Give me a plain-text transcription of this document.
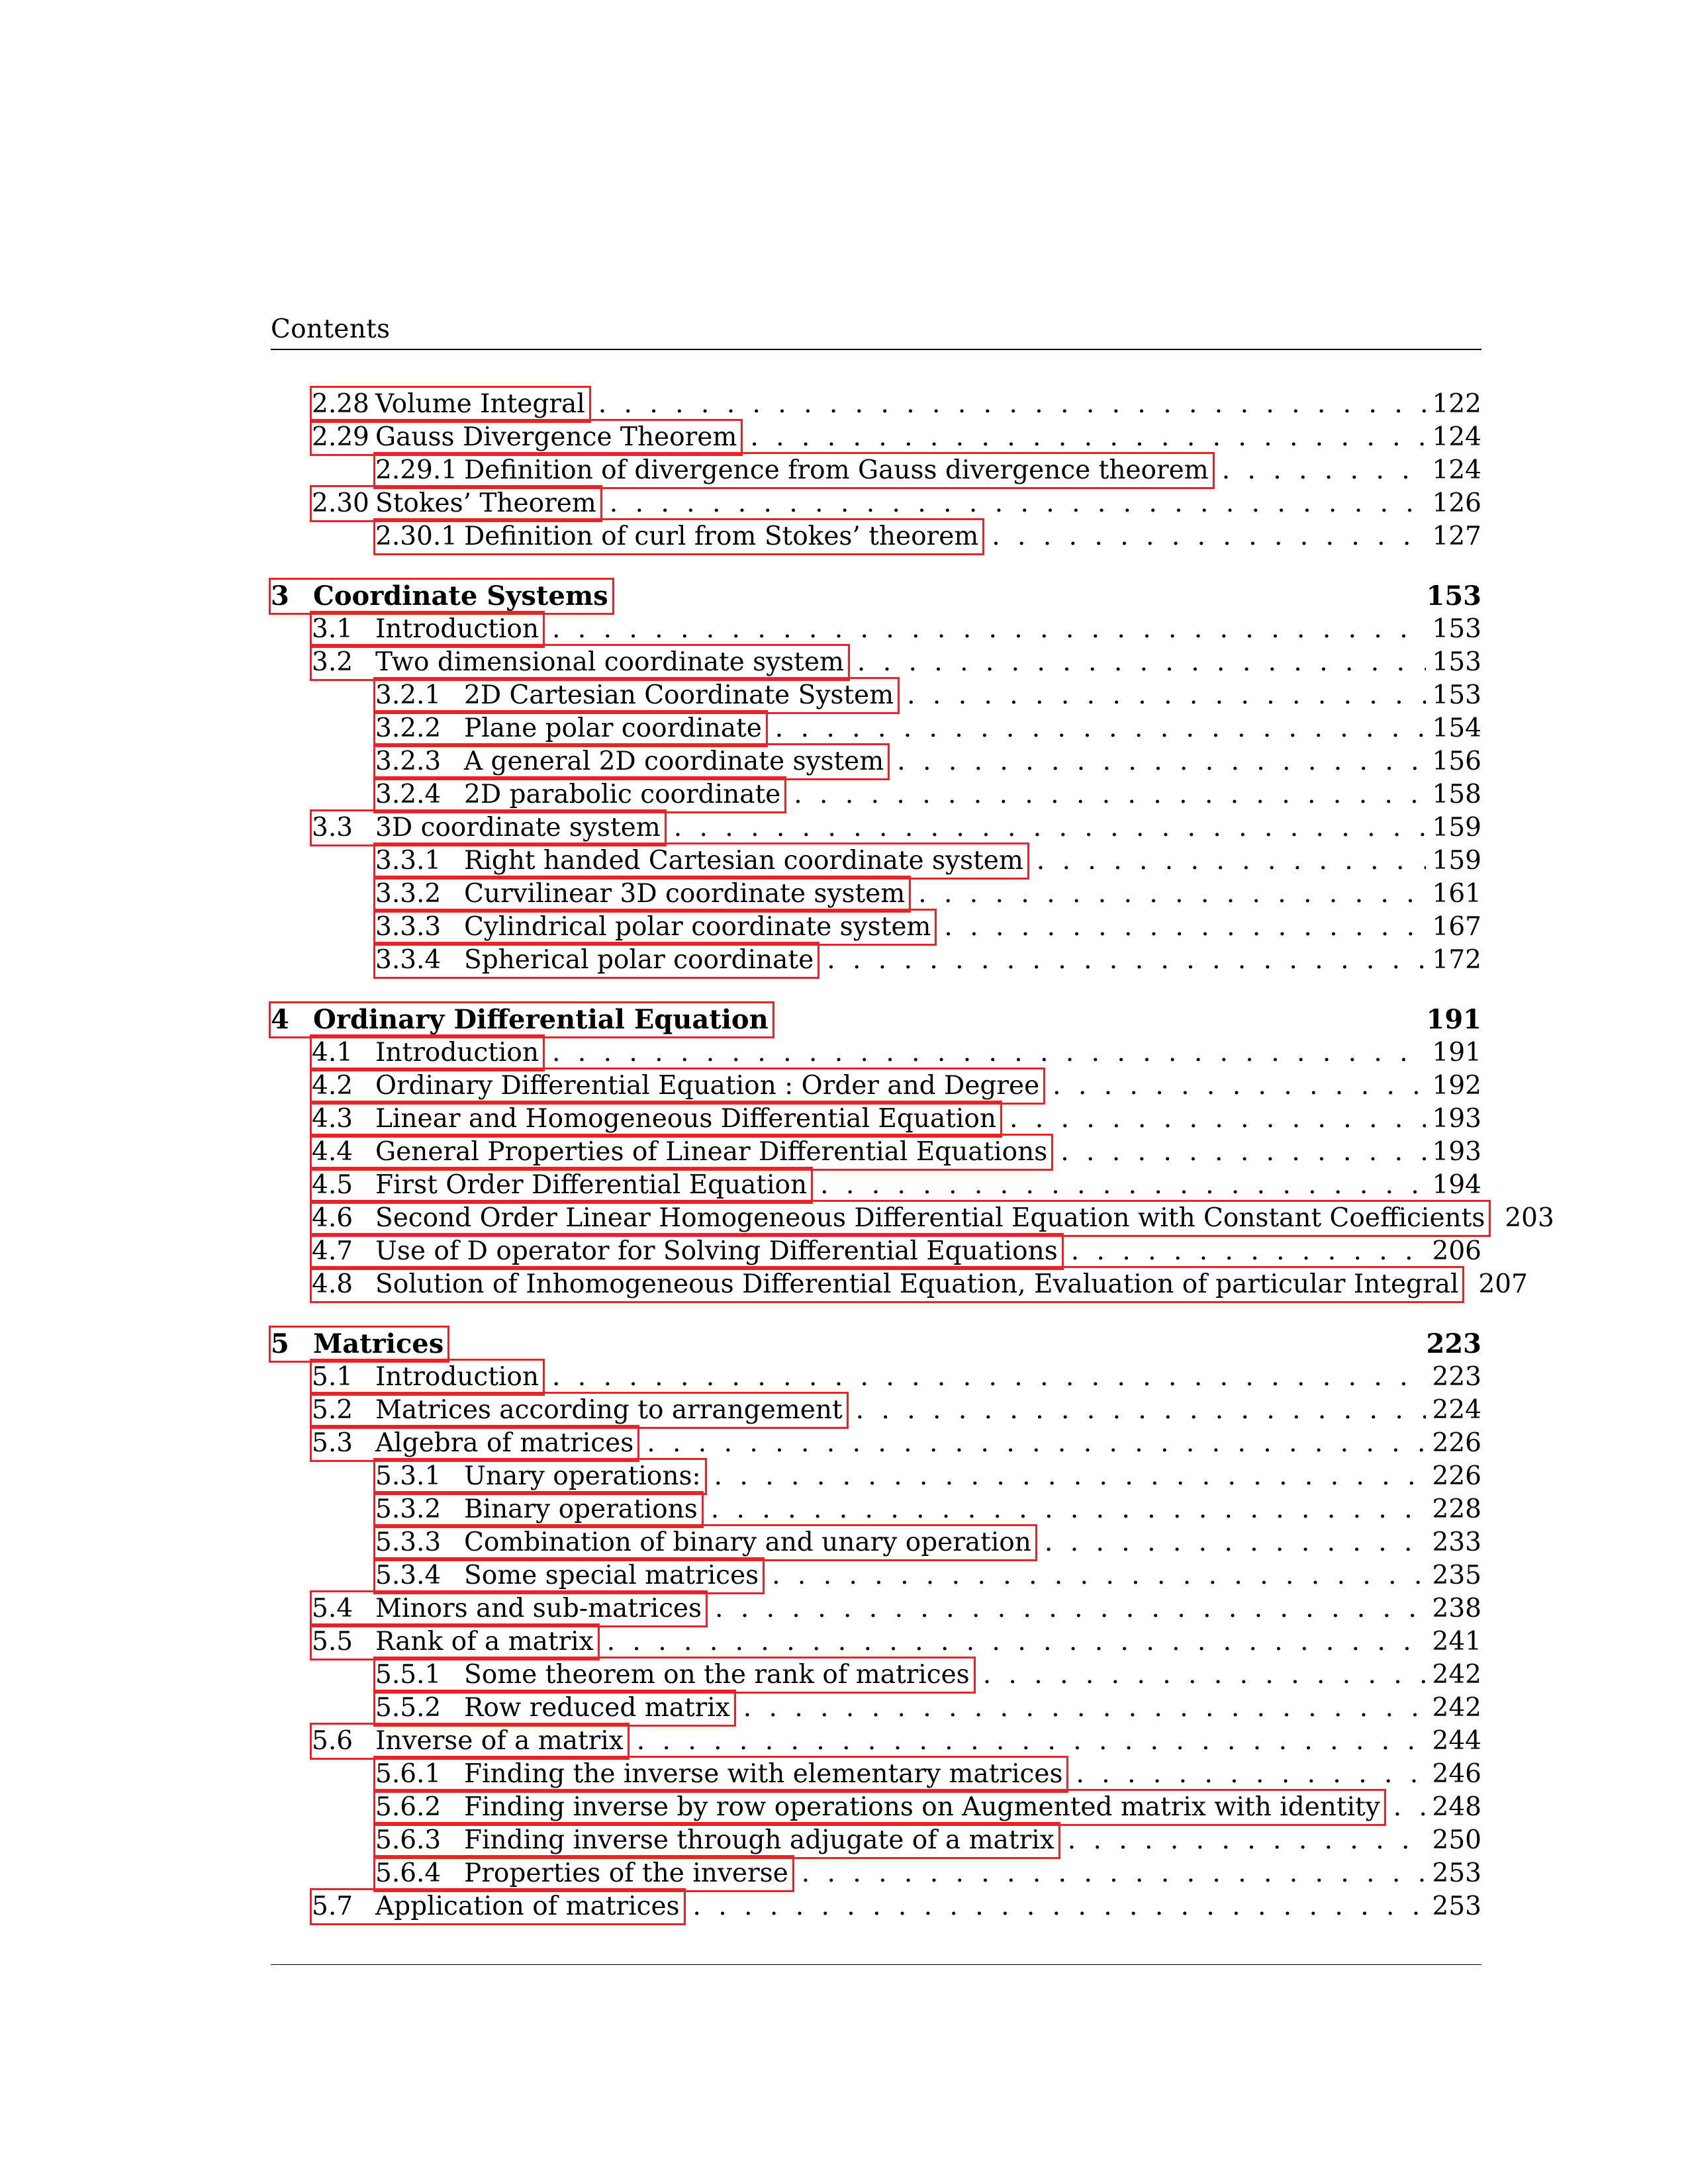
Contents
2.28 Volume Integral . . .	122
2.29 Gauss Divergence Theorem . . .	124
2.29.1 Definition of divergence from Gauss divergence theorem . . .	124
2.30 Stokes’ Theorem . . .	126
2.30.1 Definition of curl from Stokes’ theorem . . .	127
3 Coordinate Systems	153
3.1 Introduction . . .	153
3.2 Two dimensional coordinate system . . .	153
3.2.1 2D Cartesian Coordinate System . . .	153
3.2.2 Plane polar coordinate . . .	154
3.2.3 A general 2D coordinate system . . .	156
3.2.4 2D parabolic coordinate . . .	158
3.3 3D coordinate system . . .	159
3.3.1 Right handed Cartesian coordinate system . . .	159
3.3.2 Curvilinear 3D coordinate system . . .	161
3.3.3 Cylindrical polar coordinate system . . .	167
3.3.4 Spherical polar coordinate . . .	172
4 Ordinary Differential Equation	191
4.1 Introduction . . .	191
4.2 Ordinary Differential Equation : Order and Degree . . .	192
4.3 Linear and Homogeneous Differential Equation . . .	193
4.4 General Properties of Linear Differential Equations . . .	193
4.5 First Order Differential Equation . . .	194
4.6 Second Order Linear Homogeneous Differential Equation with Constant Coefficients 203
4.7 Use of D operator for Solving Differential Equations . . .	206
4.8 Solution of Inhomogeneous Differential Equation, Evaluation of particular Integral 207
5 Matrices	223
5.1 Introduction . . .	223
5.2 Matrices according to arrangement . . .	224
5.3 Algebra of matrices . . .	226
5.3.1 Unary operations: . . .	226
5.3.2 Binary operations . . .	228
5.3.3 Combination of binary and unary operation . . .	233
5.3.4 Some special matrices . . .	235
5.4 Minors and sub-matrices . . .	238
5.5 Rank of a matrix . . .	241
5.5.1 Some theorem on the rank of matrices . . .	242
5.5.2 Row reduced matrix . . .	242
5.6 Inverse of a matrix . . .	244
5.6.1 Finding the inverse with elementary matrices . . .	246
5.6.2 Finding inverse by row operations on Augmented matrix with identity . . . 248
5.6.3 Finding inverse through adjugate of a matrix . . .	250
5.6.4 Properties of the inverse . . .	253
5.7 Application of matrices . . .	253
